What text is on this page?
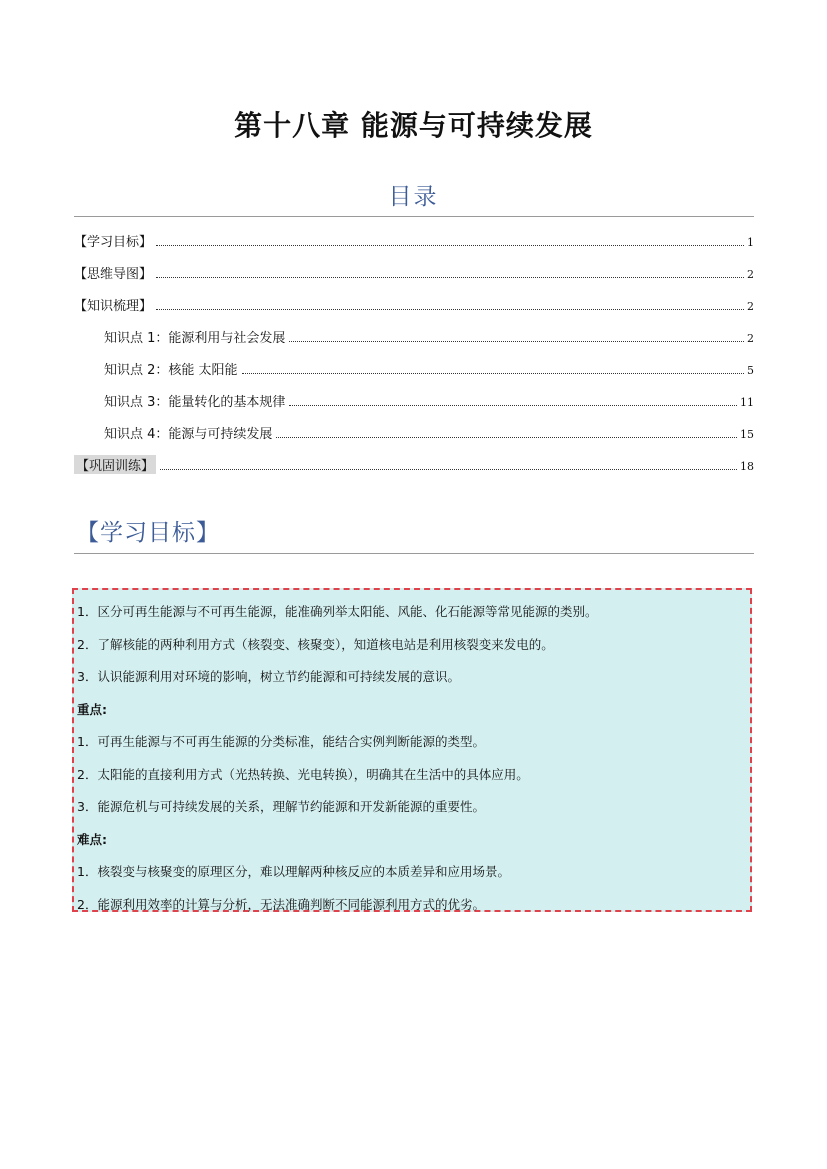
第十八章 能源与可持续发展
目录
【学习目标】	1
【思维导图】	2
【知识梳理】	2
知识点 1：能源利用与社会发展	2
知识点 2：核能 太阳能	5
知识点 3：能量转化的基本规律	11
知识点 4：能源与可持续发展	15
【巩固训练】	18
【学习目标】
1．区分可再生能源与不可再生能源，能准确列举太阳能、风能、化石能源等常见能源的类别。
2．了解核能的两种利用方式（核裂变、核聚变），知道核电站是利用核裂变来发电的。
3．认识能源利用对环境的影响，树立节约能源和可持续发展的意识。
重点:
1．可再生能源与不可再生能源的分类标准，能结合实例判断能源的类型。
2．太阳能的直接利用方式（光热转换、光电转换），明确其在生活中的具体应用。
3．能源危机与可持续发展的关系，理解节约能源和开发新能源的重要性。
难点:
1．核裂变与核聚变的原理区分，难以理解两种核反应的本质差异和应用场景。
2．能源利用效率的计算与分析，无法准确判断不同能源利用方式的优劣。
